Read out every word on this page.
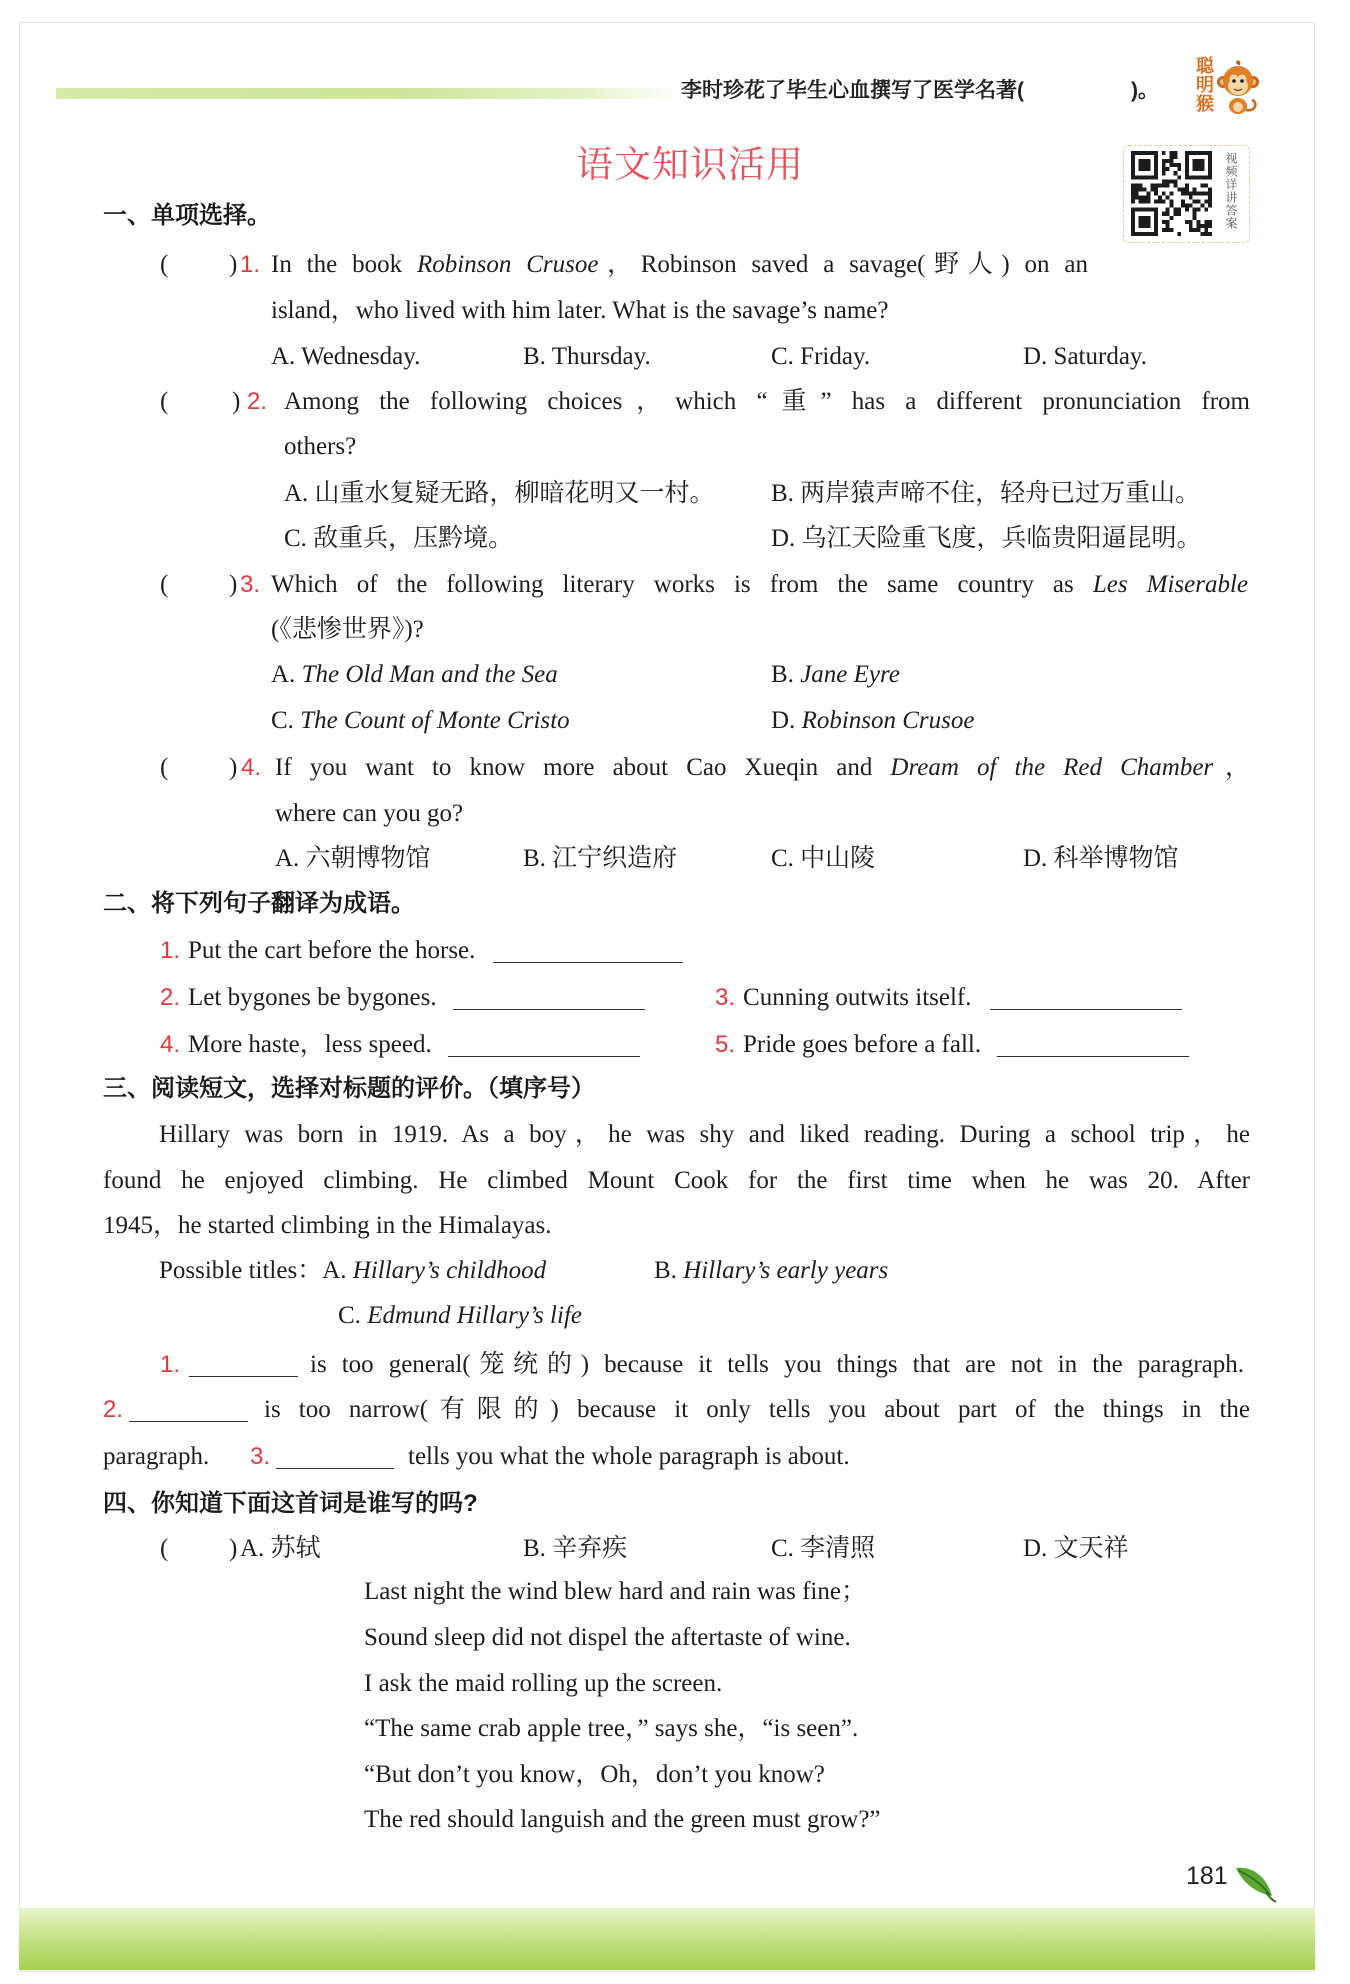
李时珍花了毕生心血撰写了医学名著(	)。 聪明猴
语文知识活用	视频详讲答案
一、单项选择。
( ) 1. In the book Robinson Crusoe，Robinson saved a savage(野人) on an
island，who lived with him later. What is the savage’s name?
A. Wednesday.	B. Thursday.	C. Friday.	D. Saturday.
(	) 2. Among the following choices，which “重” has a different pronunciation from
others?
A. 山重水复疑无路，柳暗花明又一村。 B. 两岸猿声啼不住，轻舟已过万重山。
C. 敌重兵，压黔境。	D. 乌江天险重飞度，兵临贵阳逼昆明。
( ) 3. Which of the following literary works is from the same country as Les Miserable
(《悲惨世界》)?
A. The Old Man and the Sea	B. Jane Eyre
C. The Count of Monte Cristo	D. Robinson Crusoe
( ) 4. If you want to know more about Cao Xueqin and Dream of the Red Chamber，
where can you go?
A. 六朝博物馆	B. 江宁织造府	C. 中山陵	D. 科举博物馆
二、将下列句子翻译为成语。
1. Put the cart before the horse.
2. Let bygones be bygones.	3. Cunning outwits itself.
4. More haste，less speed.	5. Pride goes before a fall.
三、阅读短文，选择对标题的评价。（填序号）
Hillary was born in 1919. As a boy，he was shy and liked reading. During a school trip，he
found he enjoyed climbing. He climbed Mount Cook for the first time when he was 20. After
1945，he started climbing in the Himalayas.
Possible titles：A. Hillary’s childhood	B. Hillary’s early years
C. Edmund Hillary’s life
1.	is too general(笼统的) because it tells you things that are not in the paragraph.
2.	is too narrow(有限的) because it only tells you about part of the things in the
paragraph. 3.	tells you what the whole paragraph is about.
四、你知道下面这首词是谁写的吗?
( ) A. 苏轼	B. 辛弃疾	C. 李清照	D. 文天祥
Last night the wind blew hard and rain was fine；
Sound sleep did not dispel the aftertaste of wine.
I ask the maid rolling up the screen.
“The same crab apple tree，” says she，“is seen”.
“But don’t you know，Oh，don’t you know?
The red should languish and the green must grow?”
181
